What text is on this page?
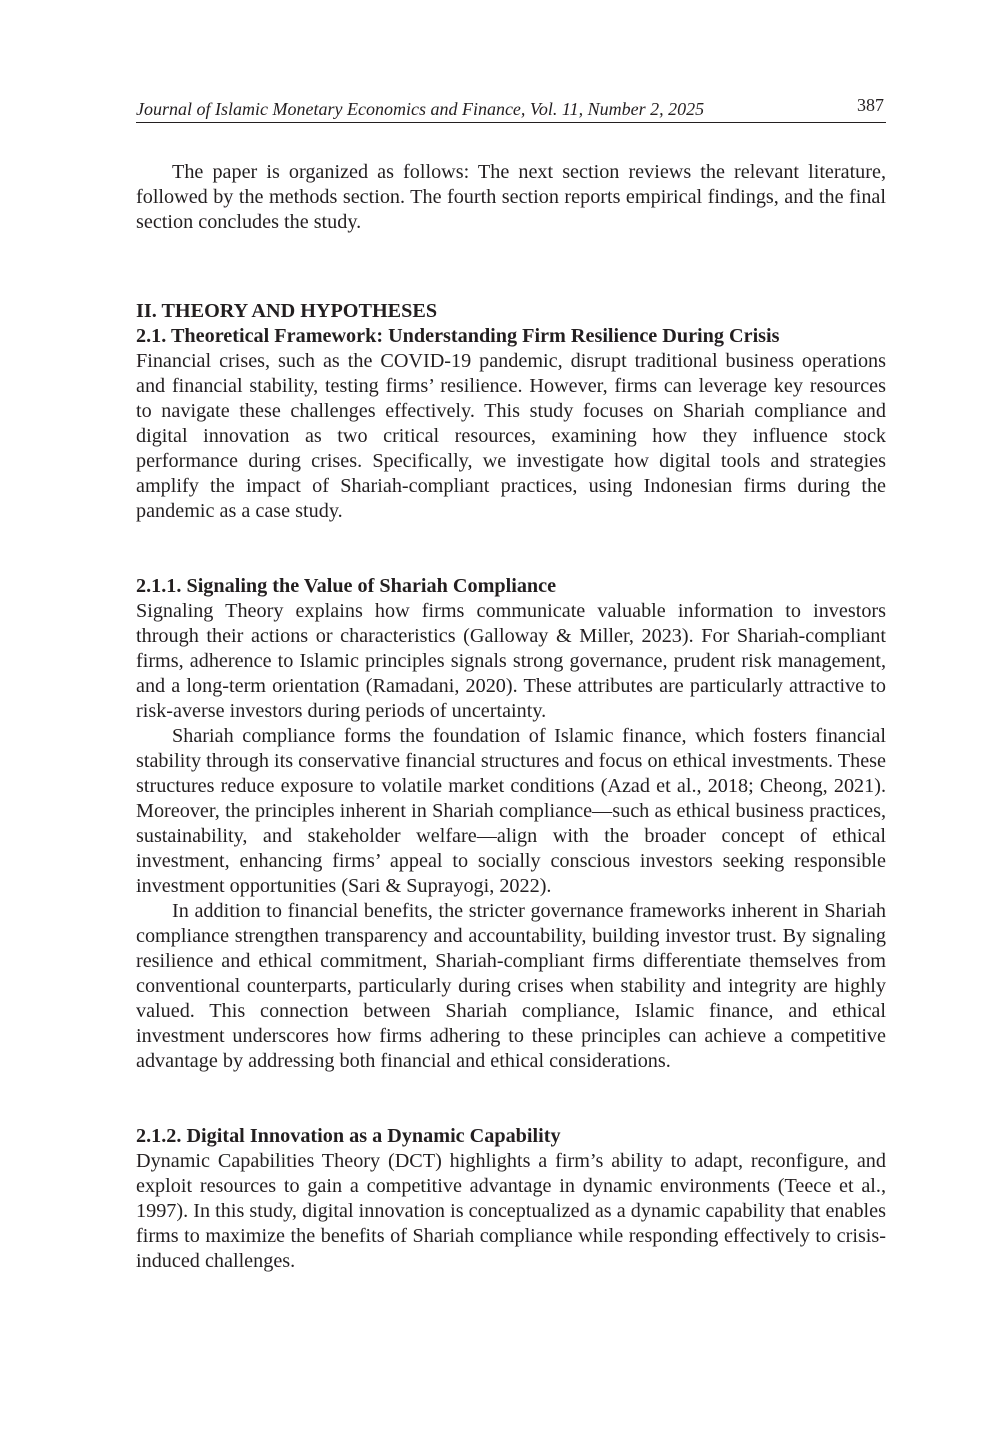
Journal of Islamic Monetary Economics and Finance, Vol. 11, Number 2, 2025	387

The paper is organized as follows: The next section reviews the relevant literature, followed by the methods section. The fourth section reports empirical findings, and the final section concludes the study.

II. THEORY AND HYPOTHESES
2.1. Theoretical Framework: Understanding Firm Resilience During Crisis

Financial crises, such as the COVID-19 pandemic, disrupt traditional business operations and financial stability, testing firms’ resilience. However, firms can leverage key resources to navigate these challenges effectively. This study focuses on Shariah compliance and digital innovation as two critical resources, examining how they influence stock performance during crises. Specifically, we investigate how digital tools and strategies amplify the impact of Shariah-compliant practices, using Indonesian firms during the pandemic as a case study.

2.1.1. Signaling the Value of Shariah Compliance

Signaling Theory explains how firms communicate valuable information to investors through their actions or characteristics (Galloway & Miller, 2023). For Shariah-compliant firms, adherence to Islamic principles signals strong governance, prudent risk management, and a long-term orientation (Ramadani, 2020). These attributes are particularly attractive to risk-averse investors during periods of uncertainty.

Shariah compliance forms the foundation of Islamic finance, which fosters financial stability through its conservative financial structures and focus on ethical investments. These structures reduce exposure to volatile market conditions (Azad et al., 2018; Cheong, 2021). Moreover, the principles inherent in Shariah compliance—such as ethical business practices, sustainability, and stakeholder welfare—align with the broader concept of ethical investment, enhancing firms’ appeal to socially conscious investors seeking responsible investment opportunities (Sari & Suprayogi, 2022).

In addition to financial benefits, the stricter governance frameworks inherent in Shariah compliance strengthen transparency and accountability, building investor trust. By signaling resilience and ethical commitment, Shariah-compliant firms differentiate themselves from conventional counterparts, particularly during crises when stability and integrity are highly valued. This connection between Shariah compliance, Islamic finance, and ethical investment underscores how firms adhering to these principles can achieve a competitive advantage by addressing both financial and ethical considerations.

2.1.2. Digital Innovation as a Dynamic Capability

Dynamic Capabilities Theory (DCT) highlights a firm’s ability to adapt, reconfigure, and exploit resources to gain a competitive advantage in dynamic environments (Teece et al., 1997). In this study, digital innovation is conceptualized as a dynamic capability that enables firms to maximize the benefits of Shariah compliance while responding effectively to crisis-induced challenges.
